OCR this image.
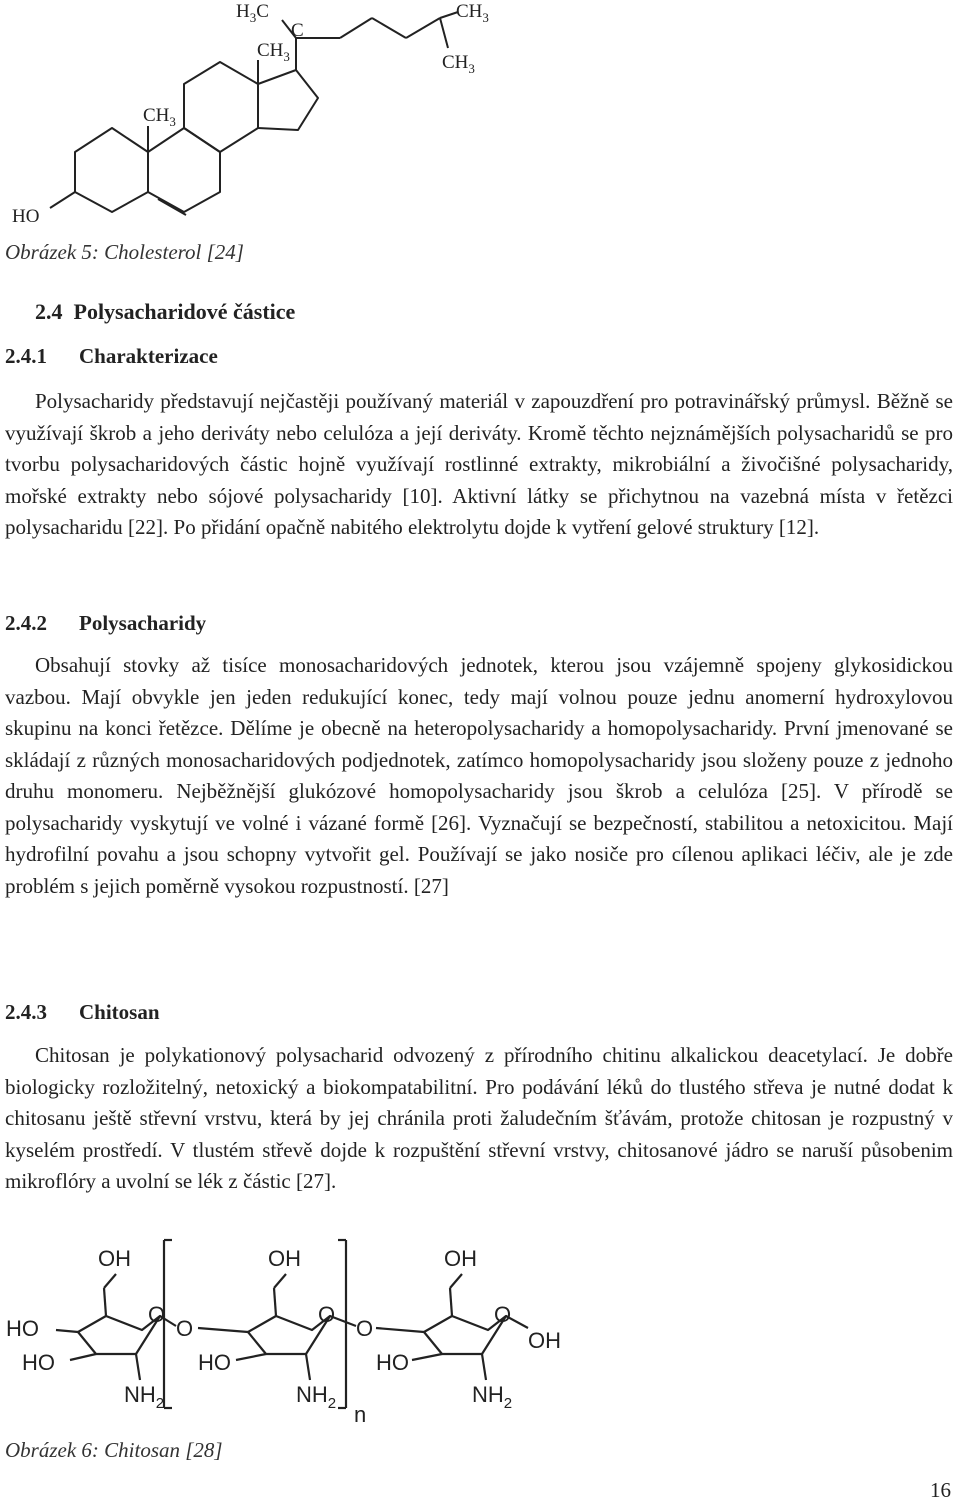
$H_3C$
C
$CH_3$
$CH_3$
$CH_3$
$CH_3$
HO
Obrázek 5: Cholesterol [24]
2.4 Polysacharidové částice
2.4.1 Charakterizace

Polysacharidy představují nejčastěji používaný materiál v zapouzdření pro potravinářský průmysl. Běžně se využívají škrob a jeho deriváty nebo celulóza a její deriváty. Kromě těchto nejznámějších polysacharidů se pro tvorbu polysacharidových částic hojně využívají rostlinné extrakty, mikrobiální a živočišné polysacharidy, mořské extrakty nebo sójové polysacharidy [10]. Aktivní látky se přichytnou na vazebná místa v řetězci polysacharidu [22]. Po přidání opačně nabitého elektrolytu dojde k vytření gelové struktury [12].

2.4.2 Polysacharidy

Obsahují stovky až tisíce monosacharidových jednotek, kterou jsou vzájemně spojeny glykosidickou vazbou. Mají obvykle jen jeden redukující konec, tedy mají volnou pouze jednu anomerní hydroxylovou skupinu na konci řetězce. Dělíme je obecně na heteropolysacharidy a homopolysacharidy. První jmenované se skládají z různých monosacharidových podjednotek, zatímco homopolysacharidy jsou složeny pouze z jednoho druhu monomeru. Nejběžnější glukózové homopolysacharidy jsou škrob a celulóza [25]. V přírodě se polysacharidy vyskytují ve volné i vázané formě [26]. Vyznačují se bezpečností, stabilitou a netoxicitou. Mají hydrofilní povahu a jsou schopny vytvořit gel. Používají se jako nosiče pro cílenou aplikaci léčiv, ale je zde problém s jejich poměrně vysokou rozpustností. [27]

2.4.3 Chitosan

Chitosan je polykationový polysacharid odvozený z přírodního chitinu alkalickou deacetylací. Je dobře biologicky rozložitelný, netoxický a biokompatabilitní. Pro podávání léků do tlustého střeva je nutné dodat k chitosanu ještě střevní vrstvu, která by jej chránila proti žaludečním šťávám, protože chitosan je rozpustný v kyselém prostředí. V tlustém střevě dojde k rozpuštění střevní vrstvy, chitosanové jádro se naruší působenim mikroflóry a uvolní se lék z částic [27].

OH	OH	OH
HO
HO
O
O
HO
O
O
HO
O
OH
$NH_2$	$NH_2$	$NH_2$
n
Obrázek 6: Chitosan [28]
16
